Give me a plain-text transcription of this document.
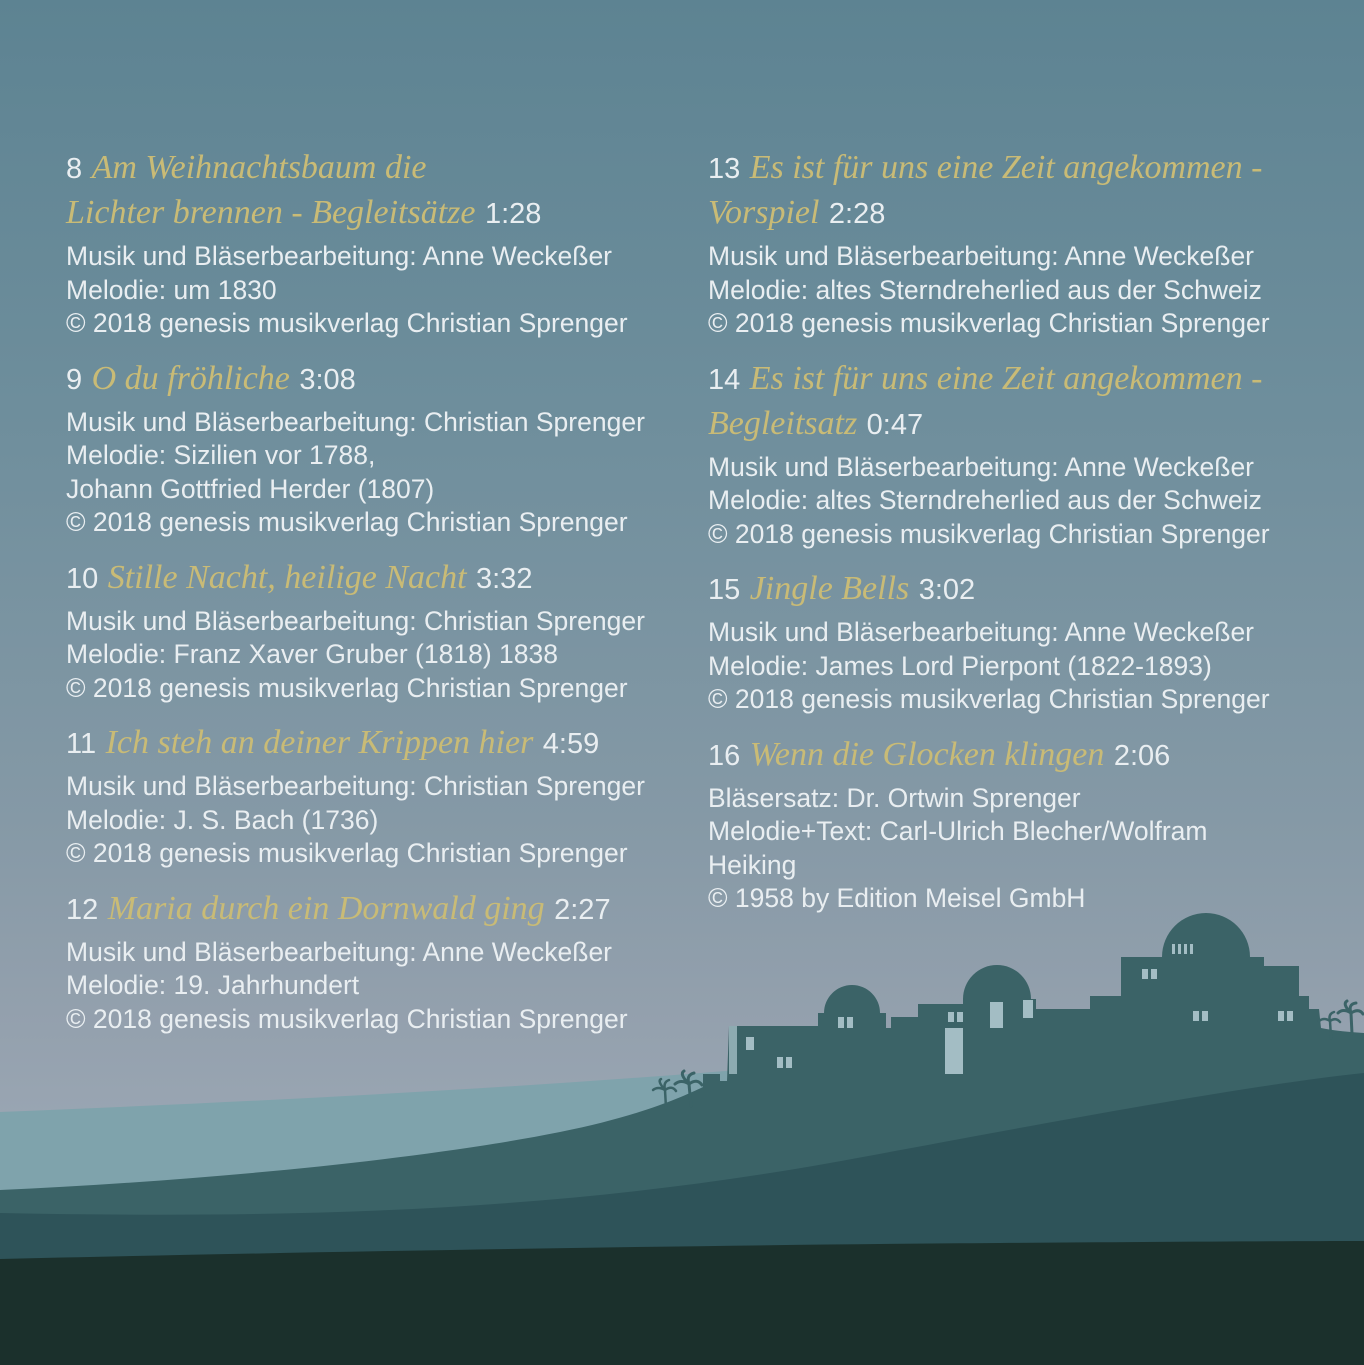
8 Am Weihnachtsbaum die
Lichter brennen - Begleitsätze 1:28

Musik und Bläserbearbeitung: Anne Weckeßer

Melodie: um 1830

© 2018 genesis musikverlag Christian Sprenger

9 O du fröhliche 3:08

Musik und Bläserbearbeitung: Christian Sprenger

Melodie: Sizilien vor 1788,

Johann Gottfried Herder (1807)

© 2018 genesis musikverlag Christian Sprenger

10 Stille Nacht, heilige Nacht 3:32

Musik und Bläserbearbeitung: Christian Sprenger

Melodie: Franz Xaver Gruber (1818) 1838

© 2018 genesis musikverlag Christian Sprenger

11 Ich steh an deiner Krippen hier 4:59

Musik und Bläserbearbeitung: Christian Sprenger

Melodie: J. S. Bach (1736)

© 2018 genesis musikverlag Christian Sprenger

12 Maria durch ein Dornwald ging 2:27

Musik und Bläserbearbeitung: Anne Weckeßer

Melodie: 19. Jahrhundert

© 2018 genesis musikverlag Christian Sprenger

13 Es ist für uns eine Zeit angekommen -
Vorspiel 2:28

Musik und Bläserbearbeitung: Anne Weckeßer

Melodie: altes Sterndreherlied aus der Schweiz

© 2018 genesis musikverlag Christian Sprenger

14 Es ist für uns eine Zeit angekommen -
Begleitsatz 0:47

Musik und Bläserbearbeitung: Anne Weckeßer

Melodie: altes Sterndreherlied aus der Schweiz

© 2018 genesis musikverlag Christian Sprenger

15 Jingle Bells 3:02

Musik und Bläserbearbeitung: Anne Weckeßer

Melodie: James Lord Pierpont (1822-1893)

© 2018 genesis musikverlag Christian Sprenger

16 Wenn die Glocken klingen 2:06

Bläsersatz: Dr. Ortwin Sprenger

Melodie+Text: Carl-Ulrich Blecher/Wolfram Heiking

© 1958 by Edition Meisel GmbH
